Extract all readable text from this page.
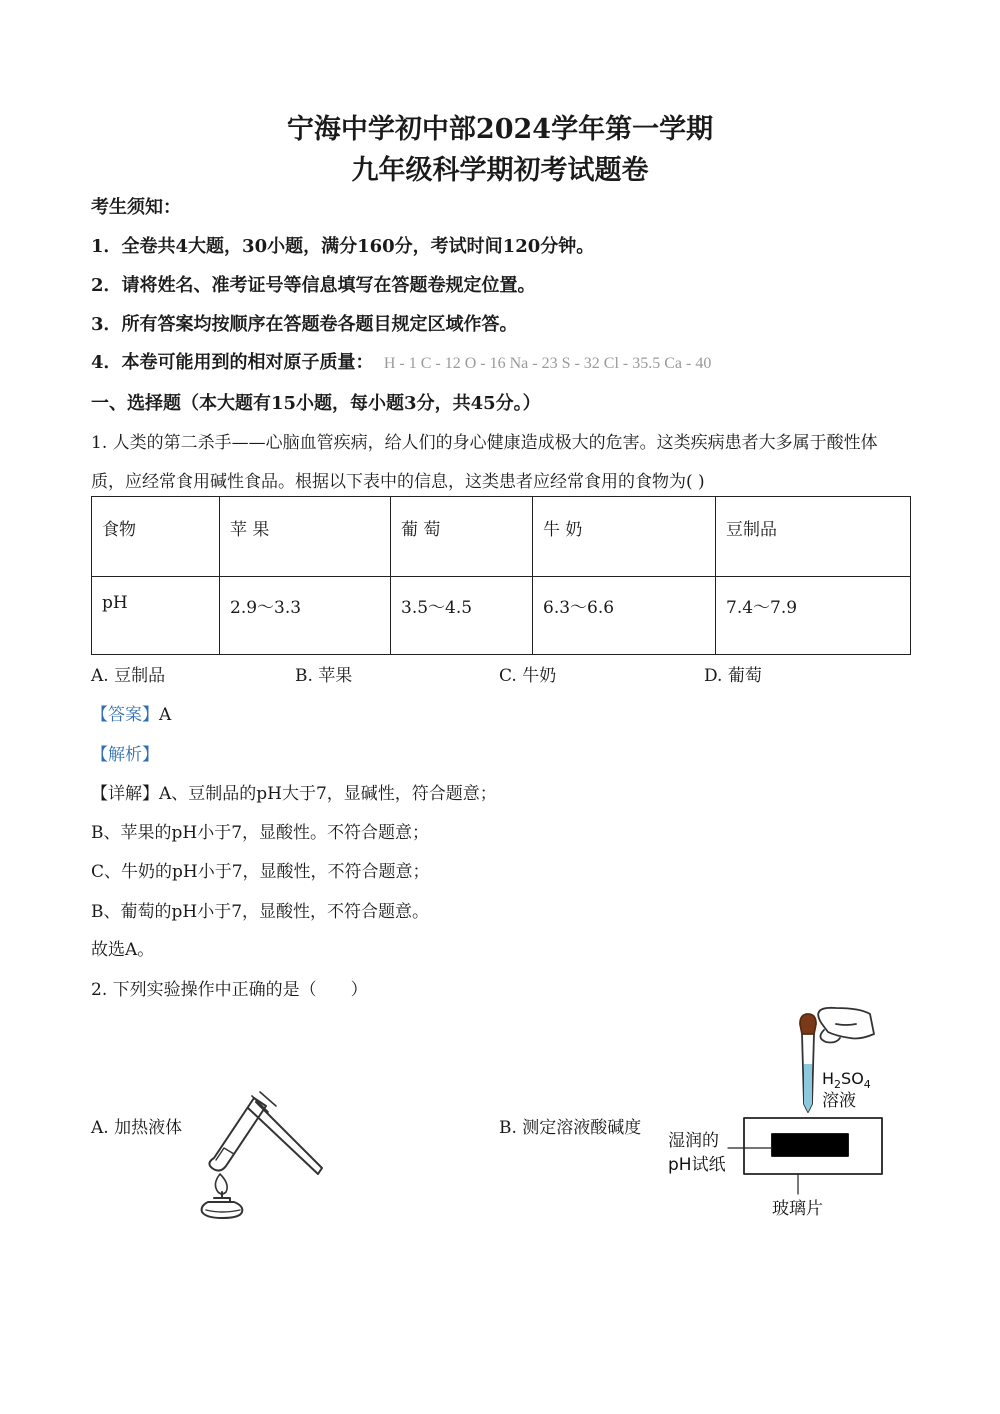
宁海中学初中部2024学年第一学期
九年级科学期初考试题卷
考生须知：
1．全卷共4大题，30小题，满分160分，考试时间120分钟。
2．请将姓名、准考证号等信息填写在答题卷规定位置。
3．所有答案均按顺序在答题卷各题目规定区域作答。
4．本卷可能用到的相对原子质量： H - 1 C - 12 O - 16 Na - 23 S - 32 Cl - 35.5 Ca - 40
一、选择题（本大题有15小题，每小题3分，共45分。）
1. 人类的第二杀手——心脑血管疾病，给人们的身心健康造成极大的危害。这类疾病患者大多属于酸性体
质，应经常食用碱性食品。根据以下表中的信息，这类患者应经常食用的食物为( )
食物	苹 果	葡 萄	牛 奶	豆制品
pH	2.9～3.3	3.5～4.5	6.3～6.6	7.4～7.9
A. 豆制品	B. 苹果	C. 牛奶	D. 葡萄
【答案】A
【解析】
【详解】A、豆制品的pH大于7，显碱性，符合题意；
B、苹果的pH小于7，显酸性。不符合题意；
C、牛奶的pH小于7，显酸性，不符合题意；
B、葡萄的pH小于7，显酸性，不符合题意。
故选A。
2. 下列实验操作中正确的是（　　）
A. 加热液体	B. 测定溶液酸碱度
$H_2SO_4$
溶液
湿润的
pH试纸
玻璃片
